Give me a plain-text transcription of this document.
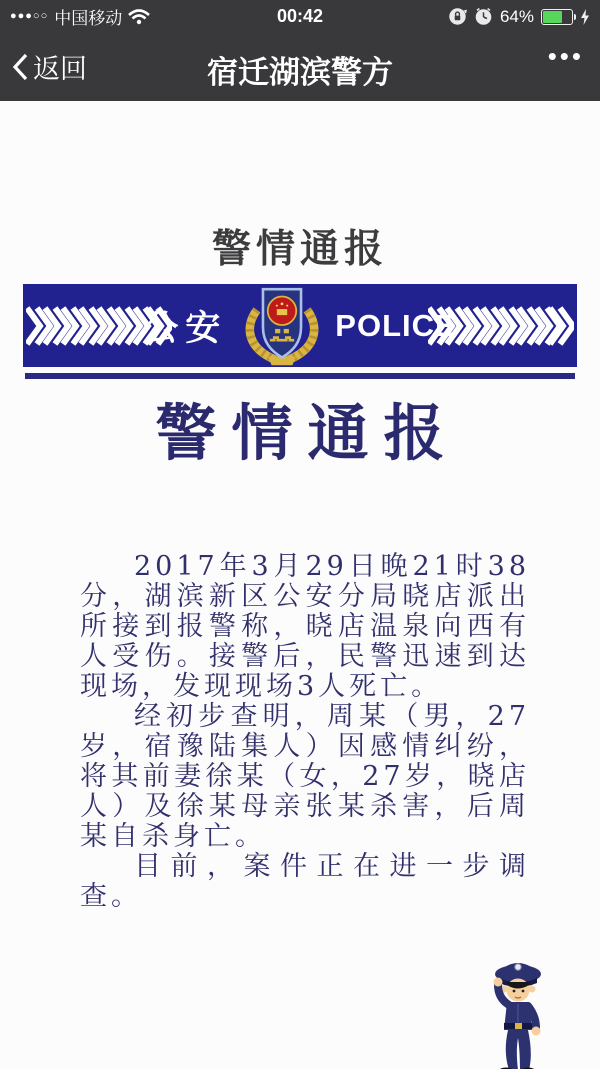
●●●○○ 中国移动	00:42	64%
返回	宿迁湖滨警方	•••
警情通报
公安	POLICE
警情通报

2017年3月29日晚21时38分，湖滨新区公安分局晓店派出所接到报警称，晓店温泉向西有人受伤。接警后，民警迅速到达现场，发现现场3人死亡。

经初步查明，周某（男，27岁，宿豫陆集人）因感情纠纷，将其前妻徐某（女，27岁，晓店人）及徐某母亲张某杀害，后周某自杀身亡。

目前，案件正在进一步调查。
